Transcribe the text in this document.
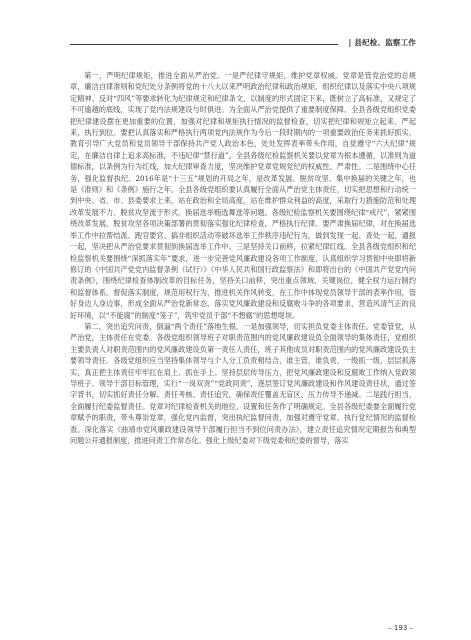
| 县纪检、监察工作

第一，严明纪律规矩，推进全面从严治党。一是严纪律守规矩，维护党章权威。党章是管党治党的总规章，廉洁自律准则和党纪处分条例将党的十八大以来严明政治纪律和政治规矩、组织纪律以及落实中央八项规定精神、反对“四风”等要求转化为纪律规定和纪律条文，以制度的形式固定下来，既树立了高标准，又规定了不可逾越的底线，实现了党内法规建设与时俱进。为全面从严治党提供了重要制度保障。全县各级党组织党委把纪律建设摆在更加重要的位置，加强对纪律和规矩执行情况的监督检查，切实把纪律和规矩立起来、严起来，执行到位。要把认真落实和严格执行两项党内法规作为今后一段时期内的一项重要政治任务来抓好抓实，教育引导广大党员和党员领导干部保持共产党人政治本色，处处发挥表率带头作用，自觉遵守“六大纪律”规定，在廉洁自律上追求高标准，不违纪律“禁行道”。全县各级纪检监察机关要以党章为根本遵循，以准则为道德标准，以条例为行为红线，加大纪律审查力度，坚决维护党章党规党纪的权威性、严肃性。二是围绕中心任务，强化监督执纪。2016年是“十三五”规划的开局之年，是改革发展、脱贫攻坚、集中换届的关键之年，也是《准则》和《条例》施行之年。全县各级党组织要认真履行全面从严治党主体责任，切实把思想和行动统一到中央、省、市、县委要求上来，站在政治和全局高度，站在维护群众利益的高度，采取行力措施防范和处理改革发展不力、脱贫攻坚流于形式、换届选举贿选舞选等问题。各级纪检监察机关要围绕纪律“戒尺”，紧紧围绕改革发展、脱贫攻坚各项决策部署的贯彻落实强化纪律检查，严格执行纪律。要严肃换届纪律，对在换届选举工作中拉帮结派、跑官要官、搞非组织活动等破坏选举工作秩序违纪行为，做到发现一起、查处一起、通报一起，坚决把从严治党要求贯彻到换届选举工作中。三是坚持关口前移，拉紧纪律红线。全县各级党组织和纪检监察机关要围绕“深抓落实年”要求，进一步完善党风廉政建设各项工作制度，认真组织学习贯彻中央即将新修订的《中国共产党党内监督条例（试行）》《中华人民共和国行政监察法》和即将出台的《中国共产党党内问责条例》，围绕纪律检查体制改革的目标任务，坚持关口前移，突出重点领域、关键岗位，健全权力运行制约和监督体系。督促落实制度，规范用权行为，推进机关作风转变，在工作中体现党员领导干部的表率作用，管好身边人身边事，形成全面从严治党新常态，落实党风廉政建设和反腐败斗争的各项要求，营造风清气正的良好环境，以“不能腐”的制度“笼子”，筑牢党员干部“不想腐”的思想堤坝。

第二，突出追究问责，倒逼“两个责任”落地生根。一是加强领导，切实担负党委主体责任。党委管党，从严治党，主体责任在党委。各级党组织领导班子对职责范围内的党风廉政建设负全面领导的集体责任，党组织主要负责人对职责范围内的党风廉政建设负第一责任人责任，班子其他成员对职责范围内的党风廉政建设负主要领导责任。各级党组织应当坚持集体领导与个人分工负责相结合，谁主管，谁负责，一级抓一级，层层抓落实，真正把主体责任牢牢扛在肩上、抓在手上。坚持层层传导压力，把党风廉政建设和反腐败工作纳入党政领导班子、领导干部目标管理，实行“一岗双责”“党政同责”，逐层签订党风廉政建设和作风建设责任状，通过签字背书，切实抓好责任分解、责任考核、责任追究，确保责任覆盖无盲区、压力传导不递减。二是践行担当，全面履行纪委监督责任。党章对纪律检查机关的地位、设置和任务作了明确规定。全县各级纪委要全面履行党章赋予的职责，带头尊崇党章，强化党内监督，突出执纪监督问责，加强对遵守党章、执行党纪情况的监督检查。深化落实《曲靖市党风廉政建设领导干部履行担当不到位问责办法》，建立责任追究情况定期报告和典型问题公开通报制度，推进问责工作常态化。强化上级纪委对下级党委和纪委的督导，落实

– 193 –
